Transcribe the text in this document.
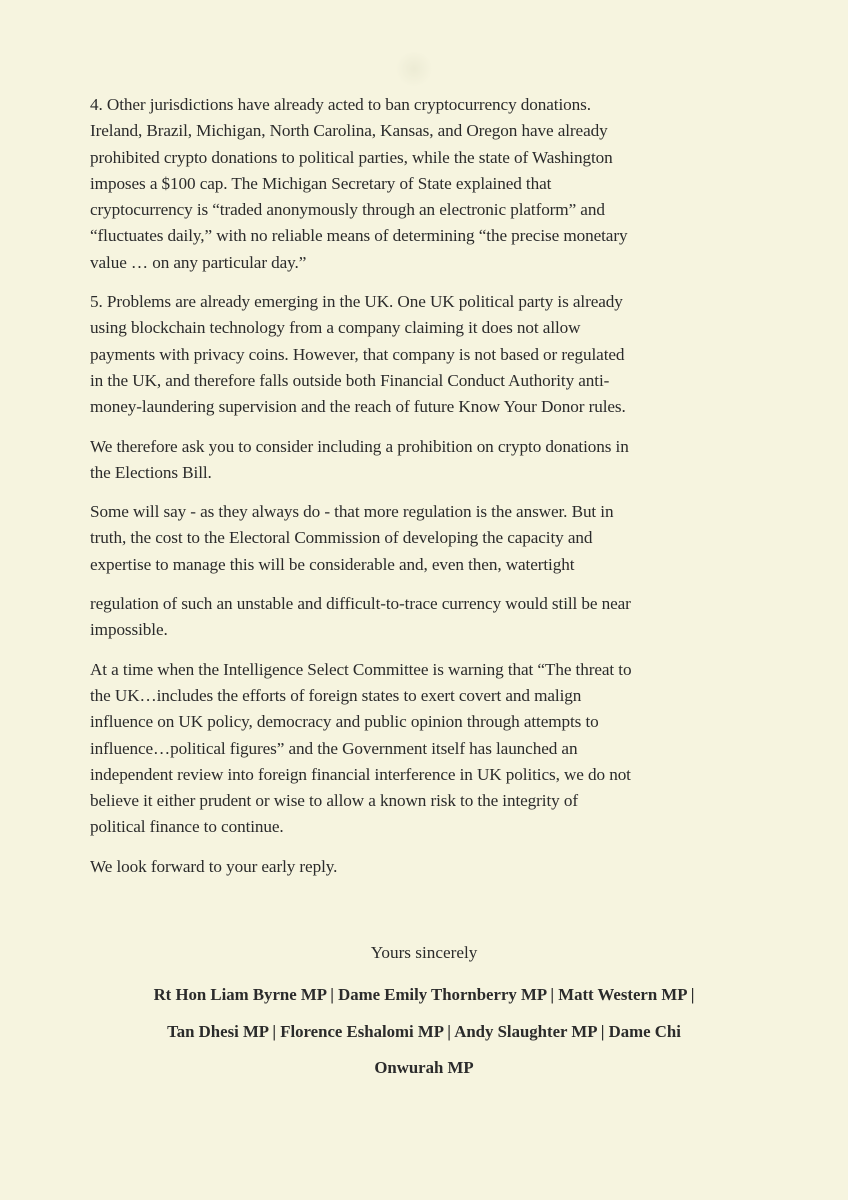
4. Other jurisdictions have already acted to ban cryptocurrency donations.
Ireland, Brazil, Michigan, North Carolina, Kansas, and Oregon have already
prohibited crypto donations to political parties, while the state of Washington
imposes a $100 cap. The Michigan Secretary of State explained that
cryptocurrency is “traded anonymously through an electronic platform” and
“fluctuates daily,” with no reliable means of determining “the precise monetary
value … on any particular day.”

5. Problems are already emerging in the UK. One UK political party is already
using blockchain technology from a company claiming it does not allow
payments with privacy coins. However, that company is not based or regulated
in the UK, and therefore falls outside both Financial Conduct Authority anti-
money-laundering supervision and the reach of future Know Your Donor rules.

We therefore ask you to consider including a prohibition on crypto donations in
the Elections Bill.

Some will say - as they always do - that more regulation is the answer. But in
truth, the cost to the Electoral Commission of developing the capacity and
expertise to manage this will be considerable and, even then, watertight

regulation of such an unstable and difficult-to-trace currency would still be near
impossible.

At a time when the Intelligence Select Committee is warning that “The threat to
the UK…includes the efforts of foreign states to exert covert and malign
influence on UK policy, democracy and public opinion through attempts to
influence…political figures” and the Government itself has launched an
independent review into foreign financial interference in UK politics, we do not
believe it either prudent or wise to allow a known risk to the integrity of
political finance to continue.

We look forward to your early reply.

Yours sincerely
Rt Hon Liam Byrne MP | Dame Emily Thornberry MP | Matt Western MP |
Tan Dhesi MP | Florence Eshalomi MP | Andy Slaughter MP | Dame Chi
Onwurah MP
